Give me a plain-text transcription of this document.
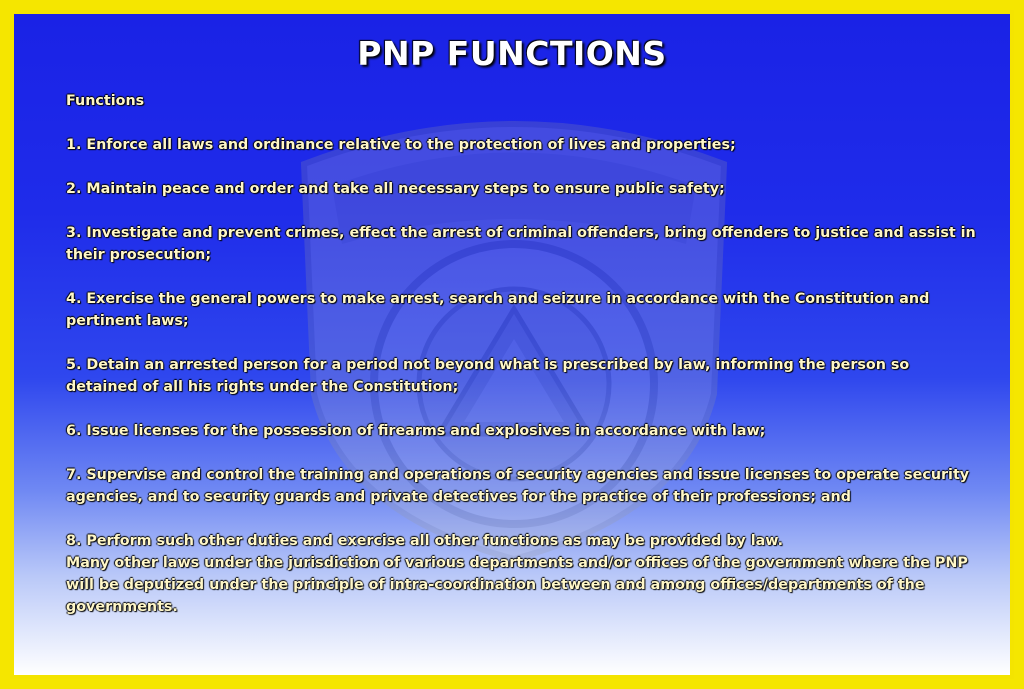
PNP FUNCTIONS

Functions

1. Enforce all laws and ordinance relative to the protection of lives and properties;

2. Maintain peace and order and take all necessary steps to ensure public safety;

3. Investigate and prevent crimes, effect the arrest of criminal offenders, bring offenders to justice and assist in their prosecution;

4. Exercise the general powers to make arrest, search and seizure in accordance with the Constitution and pertinent laws;

5. Detain an arrested person for a period not beyond what is prescribed by law, informing the person so detained of all his rights under the Constitution;

6. Issue licenses for the possession of firearms and explosives in accordance with law;

7. Supervise and control the training and operations of security agencies and issue licenses to operate security agencies, and to security guards and private detectives for the practice of their professions; and

8. Perform such other duties and exercise all other functions as may be provided by law.

Many other laws under the jurisdiction of various departments and/or offices of the government where the PNP will be deputized under the principle of intra-coordination between and among offices/departments of the governments.
